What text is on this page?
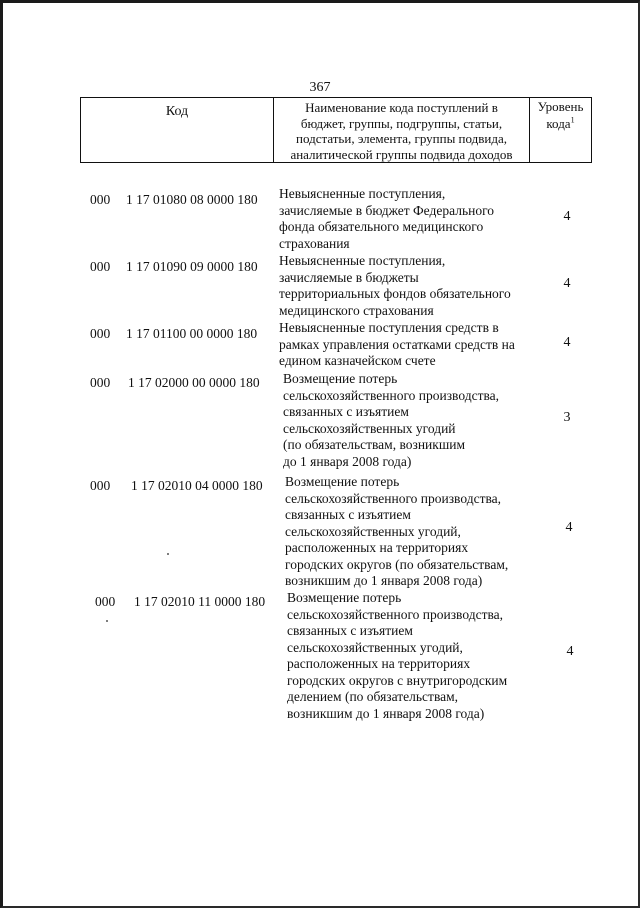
367
Код	Наименование кода поступлений в
бюджет, группы, подгруппы, статьи,
подстатьи, элемента, группы подвида,
аналитической группы подвида доходов
Уровень
кода$^1$
000 1 17 01080 08 0000 180 Невыясненные поступления,
зачисляемые в бюджет Федерального
фонда обязательного медицинского
страхования
4
000 1 17 01090 09 0000 180 Невыясненные поступления,
зачисляемые в бюджеты
территориальных фондов обязательного
медицинского страхования
4
000 1 17 01100 00 0000 180 Невыясненные поступления средств в
рамках управления остатками средств на
едином казначейском счете
4
000 1 17 02000 00 0000 180 Возмещение потерь
сельскохозяйственного производства,
связанных с изъятием
сельскохозяйственных угодий
(по обязательствам, возникшим
до 1 января 2008 года)
3
000 1 17 02010 04 0000 180 Возмещение потерь
сельскохозяйственного производства,
связанных с изъятием
сельскохозяйственных угодий,
расположенных на территориях
городских округов (по обязательствам,
возникшим до 1 января 2008 года)
4
000 1 17 02010 11 0000 180 Возмещение потерь
сельскохозяйственного производства,
связанных с изъятием
сельскохозяйственных угодий,
расположенных на территориях
городских округов с внутригородским
делением (по обязательствам,
возникшим до 1 января 2008 года)
4
